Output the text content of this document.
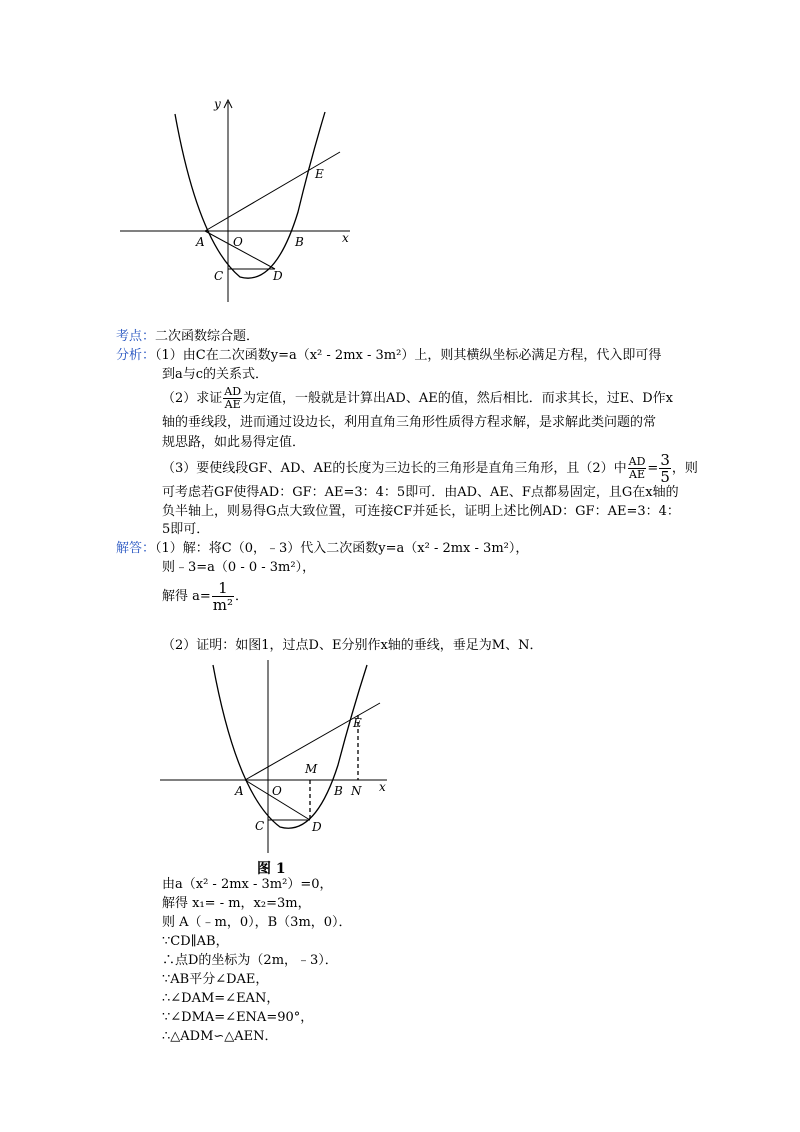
y
x
A O	B
E
C	D
考点：二次函数综合题．
分析：（1）由C在二次函数y=a（x² - 2mx - 3m²）上，则其横纵坐标必满足方程，代入即可得
到a与c的关系式．
（2）求证 $\frac{AD}{AE}$ 为定值，一般就是计算出AD、AE的值，然后相比．而求其长，过E、D作x
轴的垂线段，进而通过设边长，利用直角三角形性质得方程求解，是求解此类问题的常
规思路，如此易得定值．
（3）要使线段GF、AD、AE的长度为三边长的三角形是直角三角形，且（2）中 $\frac{AD}{AE} = \frac{3}{5}$ ，则
可考虑若GF使得AD：GF：AE=3：4：5即可．由AD、AE、F点都易固定，且G在x轴的
负半轴上，则易得G点大致位置，可连接CF并延长，证明上述比例AD：GF：AE=3：4：
5即可．
解答：（1）解：将C（0，﹣3）代入二次函数y=a（x² - 2mx - 3m²），
则﹣3=a（0 - 0 - 3m²），
解得 $a= \frac{1}{\text{m²}}$ ．
（2）证明：如图1，过点D、E分别作x轴的垂线，垂足为M、N．
x
A O
M
B N
E
C	D
图 1
由a（x² - 2mx - 3m²）=0，
解得 x₁= - m，x₂=3m，
则 A（﹣m，0），B（3m，0）．
∵CD∥AB，
∴点D的坐标为（2m，﹣3）．
∵AB平分∠DAE，
∴∠DAM=∠EAN，
∵∠DMA=∠ENA=90°，
∴△ADM∽△AEN．
